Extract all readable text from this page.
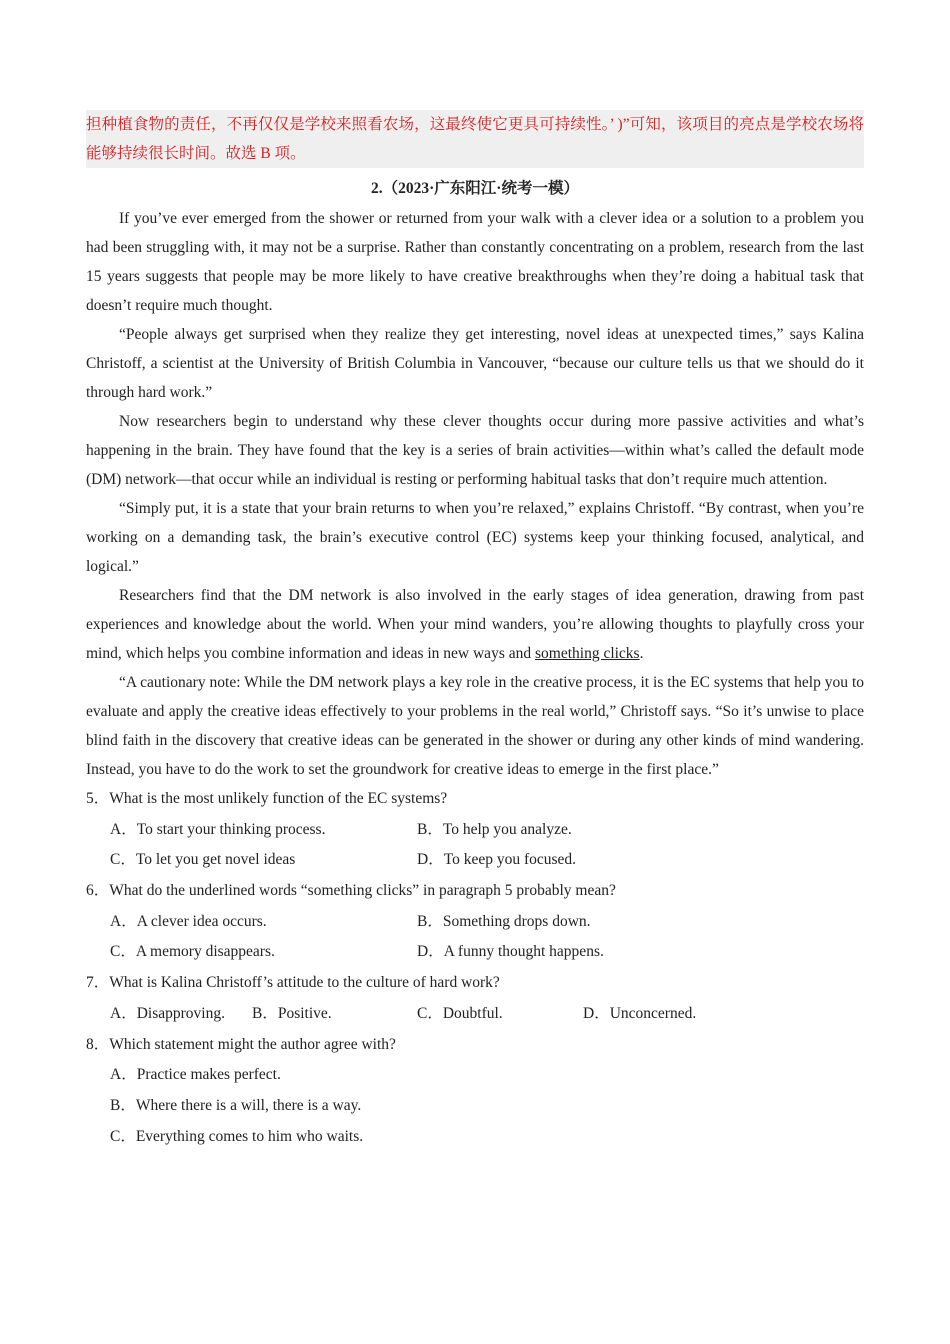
担种植食物的责任，不再仅仅是学校来照看农场，这最终使它更具可持续性。’ )”可知，该项目的亮点是学校农场将能够持续很长时间。故选 B 项。
2.（2023·广东阳江·统考一模）

If you’ve ever emerged from the shower or returned from your walk with a clever idea or a solution to a problem you had been struggling with, it may not be a surprise. Rather than constantly concentrating on a problem, research from the last 15 years suggests that people may be more likely to have creative breakthroughs when they’re doing a habitual task that doesn’t require much thought.

“People always get surprised when they realize they get interesting, novel ideas at unexpected times,” says Kalina Christoff, a scientist at the University of British Columbia in Vancouver, “because our culture tells us that we should do it through hard work.”

Now researchers begin to understand why these clever thoughts occur during more passive activities and what’s happening in the brain. They have found that the key is a series of brain activities—within what’s called the default mode (DM) network—that occur while an individual is resting or performing habitual tasks that don’t require much attention.

“Simply put, it is a state that your brain returns to when you’re relaxed,” explains Christoff. “By contrast, when you’re working on a demanding task, the brain’s executive control (EC) systems keep your thinking focused, analytical, and logical.”

Researchers find that the DM network is also involved in the early stages of idea generation, drawing from past experiences and knowledge about the world. When your mind wanders, you’re allowing thoughts to playfully cross your mind, which helps you combine information and ideas in new ways and something clicks.

“A cautionary note: While the DM network plays a key role in the creative process, it is the EC systems that help you to evaluate and apply the creative ideas effectively to your problems in the real world,” Christoff says. “So it’s unwise to place blind faith in the discovery that creative ideas can be generated in the shower or during any other kinds of mind wandering. Instead, you have to do the work to set the groundwork for creative ideas to emerge in the first place.”

5．What is the most unlikely function of the EC systems?

A．To start your thinking process.	B．To help you analyze.
C．To let you get novel ideas	D．To keep you focused.

6．What do the underlined words “something clicks” in paragraph 5 probably mean?

A．A clever idea occurs.	B．Something drops down.
C．A memory disappears.	D．A funny thought happens.

7．What is Kalina Christoff’s attitude to the culture of hard work?

A．Disapproving. B．Positive.	C．Doubtful.	D．Unconcerned.

8．Which statement might the author agree with?

A．Practice makes perfect.
B．Where there is a will, there is a way.
C．Everything comes to him who waits.
